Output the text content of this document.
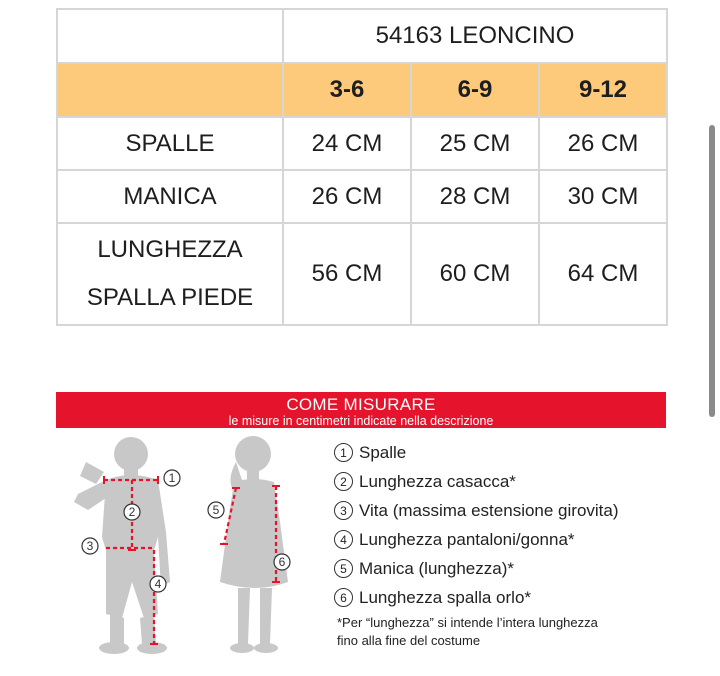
	54163 LEONCINO		
	3-6	6-9	9-12
SPALLE	24 CM	25 CM	26 CM
MANICA	26 CM	28 CM	30 CM

LUNGHEZZA
SPALLA PIEDE	56 CM	60 CM	64 CM
COME MISURARE
le misure in centimetri indicate nella descrizione
1
2
3
4
5
6
1 Spalle
2 Lunghezza casacca*
3 Vita (massima estensione girovita)
4 Lunghezza pantaloni/gonna*
5 Manica (lunghezza)*
6 Lunghezza spalla orlo*
*Per “lunghezza” si intende l’intera lunghezza
fino alla fine del costume
